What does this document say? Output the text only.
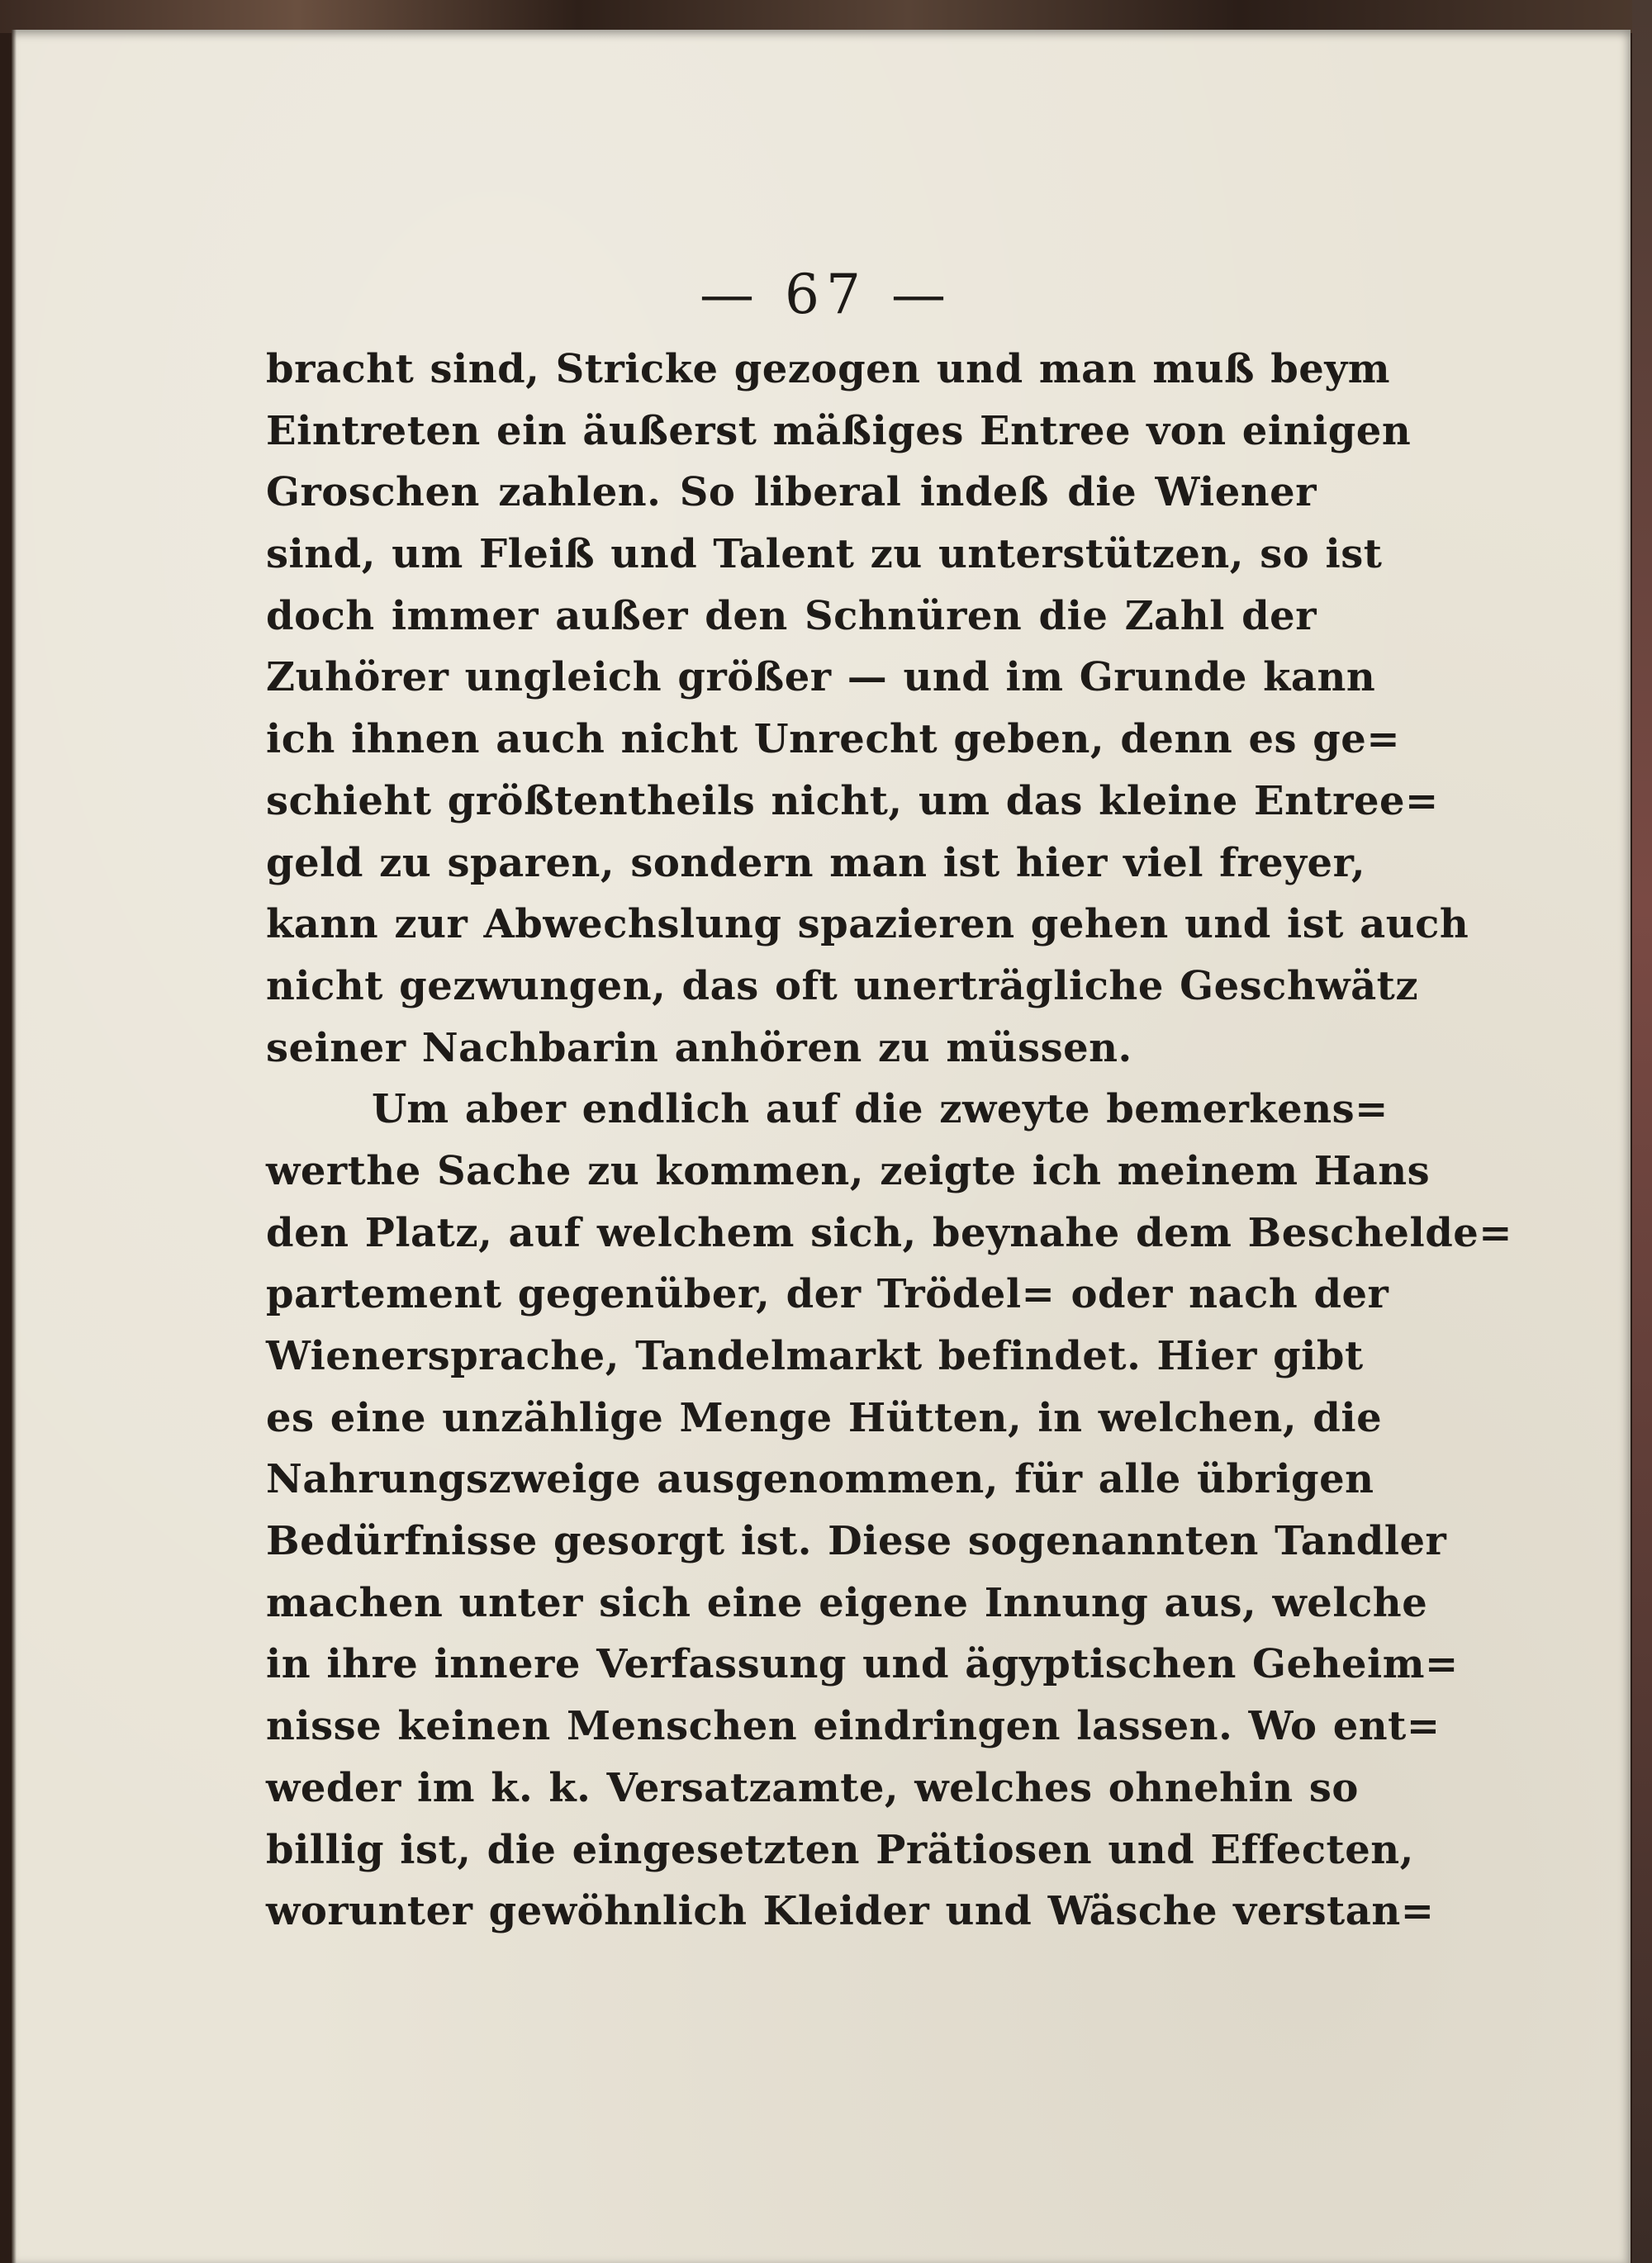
— 67 —
bracht sind, Stricke gezogen und man muß beym
Eintreten ein äußerst mäßiges Entree von einigen
Groschen zahlen. So liberal indeß die Wiener
sind, um Fleiß und Talent zu unterstützen, so ist
doch immer außer den Schnüren die Zahl der
Zuhörer ungleich größer — und im Grunde kann
ich ihnen auch nicht Unrecht geben, denn es ge=
schieht größtentheils nicht, um das kleine Entree=
geld zu sparen, sondern man ist hier viel freyer,
kann zur Abwechslung spazieren gehen und ist auch
nicht gezwungen, das oft unerträgliche Geschwätz
seiner Nachbarin anhören zu müssen.
Um aber endlich auf die zweyte bemerkens=
werthe Sache zu kommen, zeigte ich meinem Hans
den Platz, auf welchem sich, beynahe dem Beschelde=
partement gegenüber, der Trödel= oder nach der
Wienersprache, Tandelmarkt befindet. Hier gibt
es eine unzählige Menge Hütten, in welchen, die
Nahrungszweige ausgenommen, für alle übrigen
Bedürfnisse gesorgt ist. Diese sogenannten Tandler
machen unter sich eine eigene Innung aus, welche
in ihre innere Verfassung und ägyptischen Geheim=
nisse keinen Menschen eindringen lassen. Wo ent=
weder im k. k. Versatzamte, welches ohnehin so
billig ist, die eingesetzten Prätiosen und Effecten,
worunter gewöhnlich Kleider und Wäsche verstan=
